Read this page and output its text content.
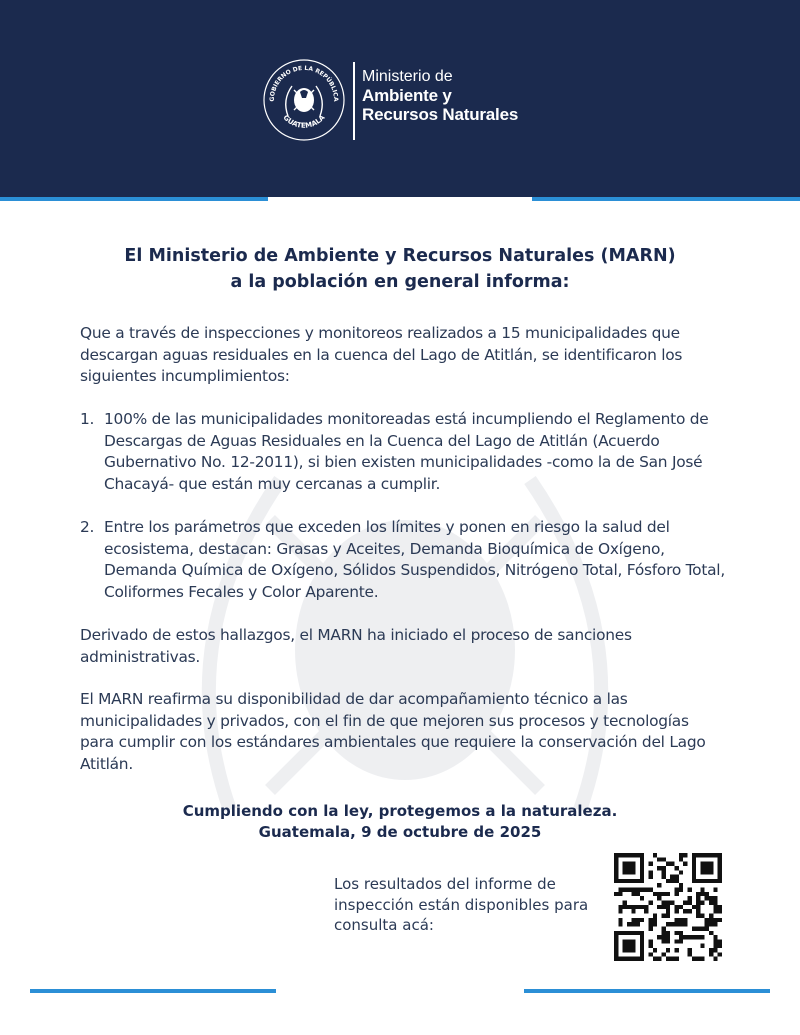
GOBIERNO DE LA REPÚBLICA
GUATEMALA
Ministerio de
Ambiente y
Recursos Naturales
El Ministerio de Ambiente y Recursos Naturales (MARN)
a la población en general informa:

Que a través de inspecciones y monitoreos realizados a 15 municipalidades que descargan aguas residuales en la cuenca del Lago de Atitlán, se identificaron los siguientes incumplimientos:

1. 100% de las municipalidades monitoreadas está incumpliendo el Reglamento de Descargas de Aguas Residuales en la Cuenca del Lago de Atitlán (Acuerdo Gubernativo No. 12-2011), si bien existen municipalidades -como la de San José Chacayá- que están muy cercanas a cumplir.
2. Entre los parámetros que exceden los límites y ponen en riesgo la salud del ecosistema, destacan: Grasas y Aceites, Demanda Bioquímica de Oxígeno, Demanda Química de Oxígeno, Sólidos Suspendidos, Nitrógeno Total, Fósforo Total, Coliformes Fecales y Color Aparente.

Derivado de estos hallazgos, el MARN ha iniciado el proceso de sanciones administrativas.

El MARN reafirma su disponibilidad de dar acompañamiento técnico a las municipalidades y privados, con el fin de que mejoren sus procesos y tecnologías para cumplir con los estándares ambientales que requiere la conservación del Lago Atitlán.

Cumpliendo con la ley, protegemos a la naturaleza.
Guatemala, 9 de octubre de 2025

Los resultados del informe de inspección están disponibles para consulta acá:
